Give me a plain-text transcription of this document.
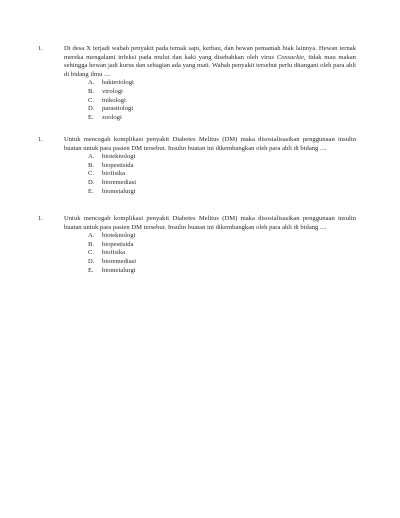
1.	Di desa X terjadi wabah penyakit pada ternak sapi, kerbau, dan hewan pemamah biak lainnya. Hewan ternak mereka mengalami infeksi pada mulut dan kaki yang disebabkan oleh virus Coxsackie, tidak mau makan sehingga hewan jadi kurus dan sebagian ada yang mati. Wabah penyakit tersebut perlu ditangani oleh para ahli di bidang ilmu ....
A.	bakteriologi
B.	virologi
C.	mikologi
D.	parasitologi
E.	zoologi
1.	Untuk mencegah komplikasi penyakit Diabetes Melitus (DM) maka disosialisasikan penggunaan insulin buatan untuk para pasien DM tersebut. Insulin buatan ini dikembangkan oleh para ahli di bidang ....
A.	bioteknologi
B.	biopestisida
C.	biofisika
D.	bioremediasi
E.	biometalurgi
1.	Untuk mencegah komplikasi penyakit Diabetes Melitus (DM) maka disosialisasikan penggunaan insulin buatan untuk para pasien DM tersebut. Insulin buatan ini dikembangkan oleh para ahli di bidang ....
A.	bioteknologi
B.	biopestisida
C.	biofisika
D.	bioremediasi
E.	biometalurgi
